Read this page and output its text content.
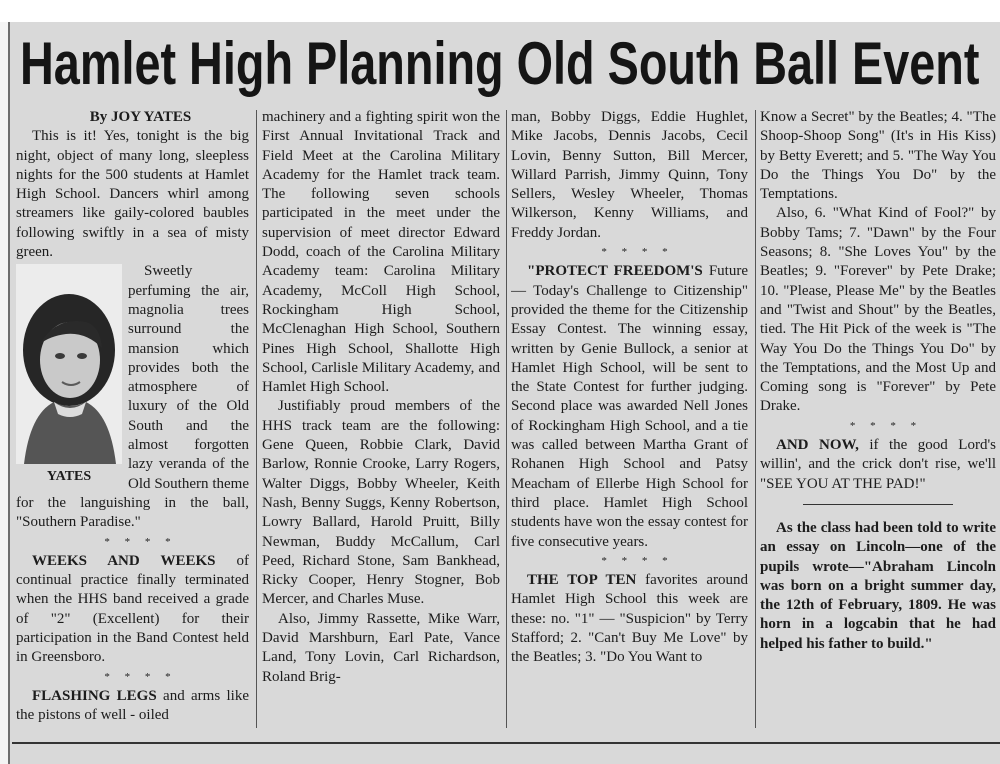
Hamlet High Planning Old South Ball Event

By JOY YATES

This is it! Yes, tonight is the big night, object of many long, sleepless nights for the 500 students at Hamlet High School. Dancers whirl among streamers like gaily-colored baubles following swiftly in a sea of misty green.

YATES

Sweetly perfuming the air, magnolia trees surround the mansion which provides both the atmosphere of luxury of the Old South and the almost forgotten lazy veranda of the Old Southern theme for the languishing in the ball, "Southern Paradise."

* * * *

WEEKS AND WEEKS of continual practice finally terminated when the HHS band received a grade of "2" (Excellent) for their participation in the Band Contest held in Greensboro.

* * * *

FLASHING LEGS and arms like the pistons of well - oiled

machinery and a fighting spirit won the First Annual Invitational Track and Field Meet at the Carolina Military Academy for the Hamlet track team. The following seven schools participated in the meet under the supervision of meet director Edward Dodd, coach of the Carolina Military Academy team: Carolina Military Academy, McColl High School, Rockingham High School, McClenaghan High School, Southern Pines High School, Shallotte High School, Carlisle Military Academy, and Hamlet High School.

Justifiably proud members of the HHS track team are the following: Gene Queen, Robbie Clark, David Barlow, Ronnie Crooke, Larry Rogers, Walter Diggs, Bobby Wheeler, Keith Nash, Benny Suggs, Kenny Robertson, Lowry Ballard, Harold Pruitt, Billy Newman, Buddy McCallum, Carl Peed, Richard Stone, Sam Bankhead, Ricky Cooper, Henry Stogner, Bob Mercer, and Charles Muse.

Also, Jimmy Rassette, Mike Warr, David Marshburn, Earl Pate, Vance Land, Tony Lovin, Carl Richardson, Roland Brig-

man, Bobby Diggs, Eddie Hughlet, Mike Jacobs, Dennis Jacobs, Cecil Lovin, Benny Sutton, Bill Mercer, Willard Parrish, Jimmy Quinn, Tony Sellers, Wesley Wheeler, Thomas Wilkerson, Kenny Williams, and Freddy Jordan.

* * * *

"PROTECT FREEDOM'S Future — Today's Challenge to Citizenship" provided the theme for the Citizenship Essay Contest. The winning essay, written by Genie Bullock, a senior at Hamlet High School, will be sent to the State Contest for further judging. Second place was awarded Nell Jones of Rockingham High School, and a tie was called between Martha Grant of Rohanen High School and Patsy Meacham of Ellerbe High School for third place. Hamlet High School students have won the essay contest for five consecutive years.

* * * *

THE TOP TEN favorites around Hamlet High School this week are these: no. "1" — "Suspicion" by Terry Stafford; 2. "Can't Buy Me Love" by the Beatles; 3. "Do You Want to

Know a Secret" by the Beatles; 4. "The Shoop-Shoop Song" (It's in His Kiss) by Betty Everett; and 5. "The Way You Do the Things You Do" by the Temptations.

Also, 6. "What Kind of Fool?" by Bobby Tams; 7. "Dawn" by the Four Seasons; 8. "She Loves You" by the Beatles; 9. "Forever" by Pete Drake; 10. "Please, Please Me" by the Beatles and "Twist and Shout" by the Beatles, tied. The Hit Pick of the week is "The Way You Do the Things You Do" by the Temptations, and the Most Up and Coming song is "Forever" by Pete Drake.

* * * *

AND NOW, if the good Lord's willin', and the crick don't rise, we'll "SEE YOU AT THE PAD!"

As the class had been told to write an essay on Lincoln—one of the pupils wrote—"Abraham Lincoln was born on a bright summer day, the 12th of February, 1809. He was horn in a logcabin that he had helped his father to build."
